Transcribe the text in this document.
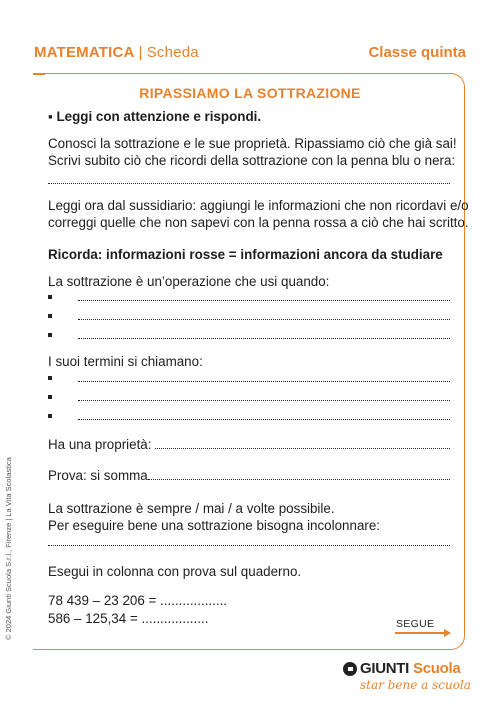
MATEMATICA | Scheda	Classe quinta
RIPASSIAMO LA SOTTRAZIONE
▪ Leggi con attenzione e rispondi.
Conosci la sottrazione e le sue proprietà. Ripassiamo ciò che già sai!
Scrivi subito ciò che ricordi della sottrazione con la penna blu o nera:
Leggi ora dal sussidiario: aggiungi le informazioni che non ricordavi e/o
correggi quelle che non sapevi con la penna rossa a ciò che hai scritto.
Ricorda: informazioni rosse = informazioni ancora da studiare
La sottrazione è un’operazione che usi quando:
I suoi termini si chiamano:
Ha una proprietà:
Prova: si somma
La sottrazione è sempre / mai / a volte possibile.
Per eseguire bene una sottrazione bisogna incolonnare:
Esegui in colonna con prova sul quaderno.
78 439 – 23 206 = ..................
586 – 125,34 = ..................	SEGUE
© 2024 Giunti Scuola S.r.l., Firenze | La Vita Scolastica
GIUNTI Scuola
star bene a scuola
